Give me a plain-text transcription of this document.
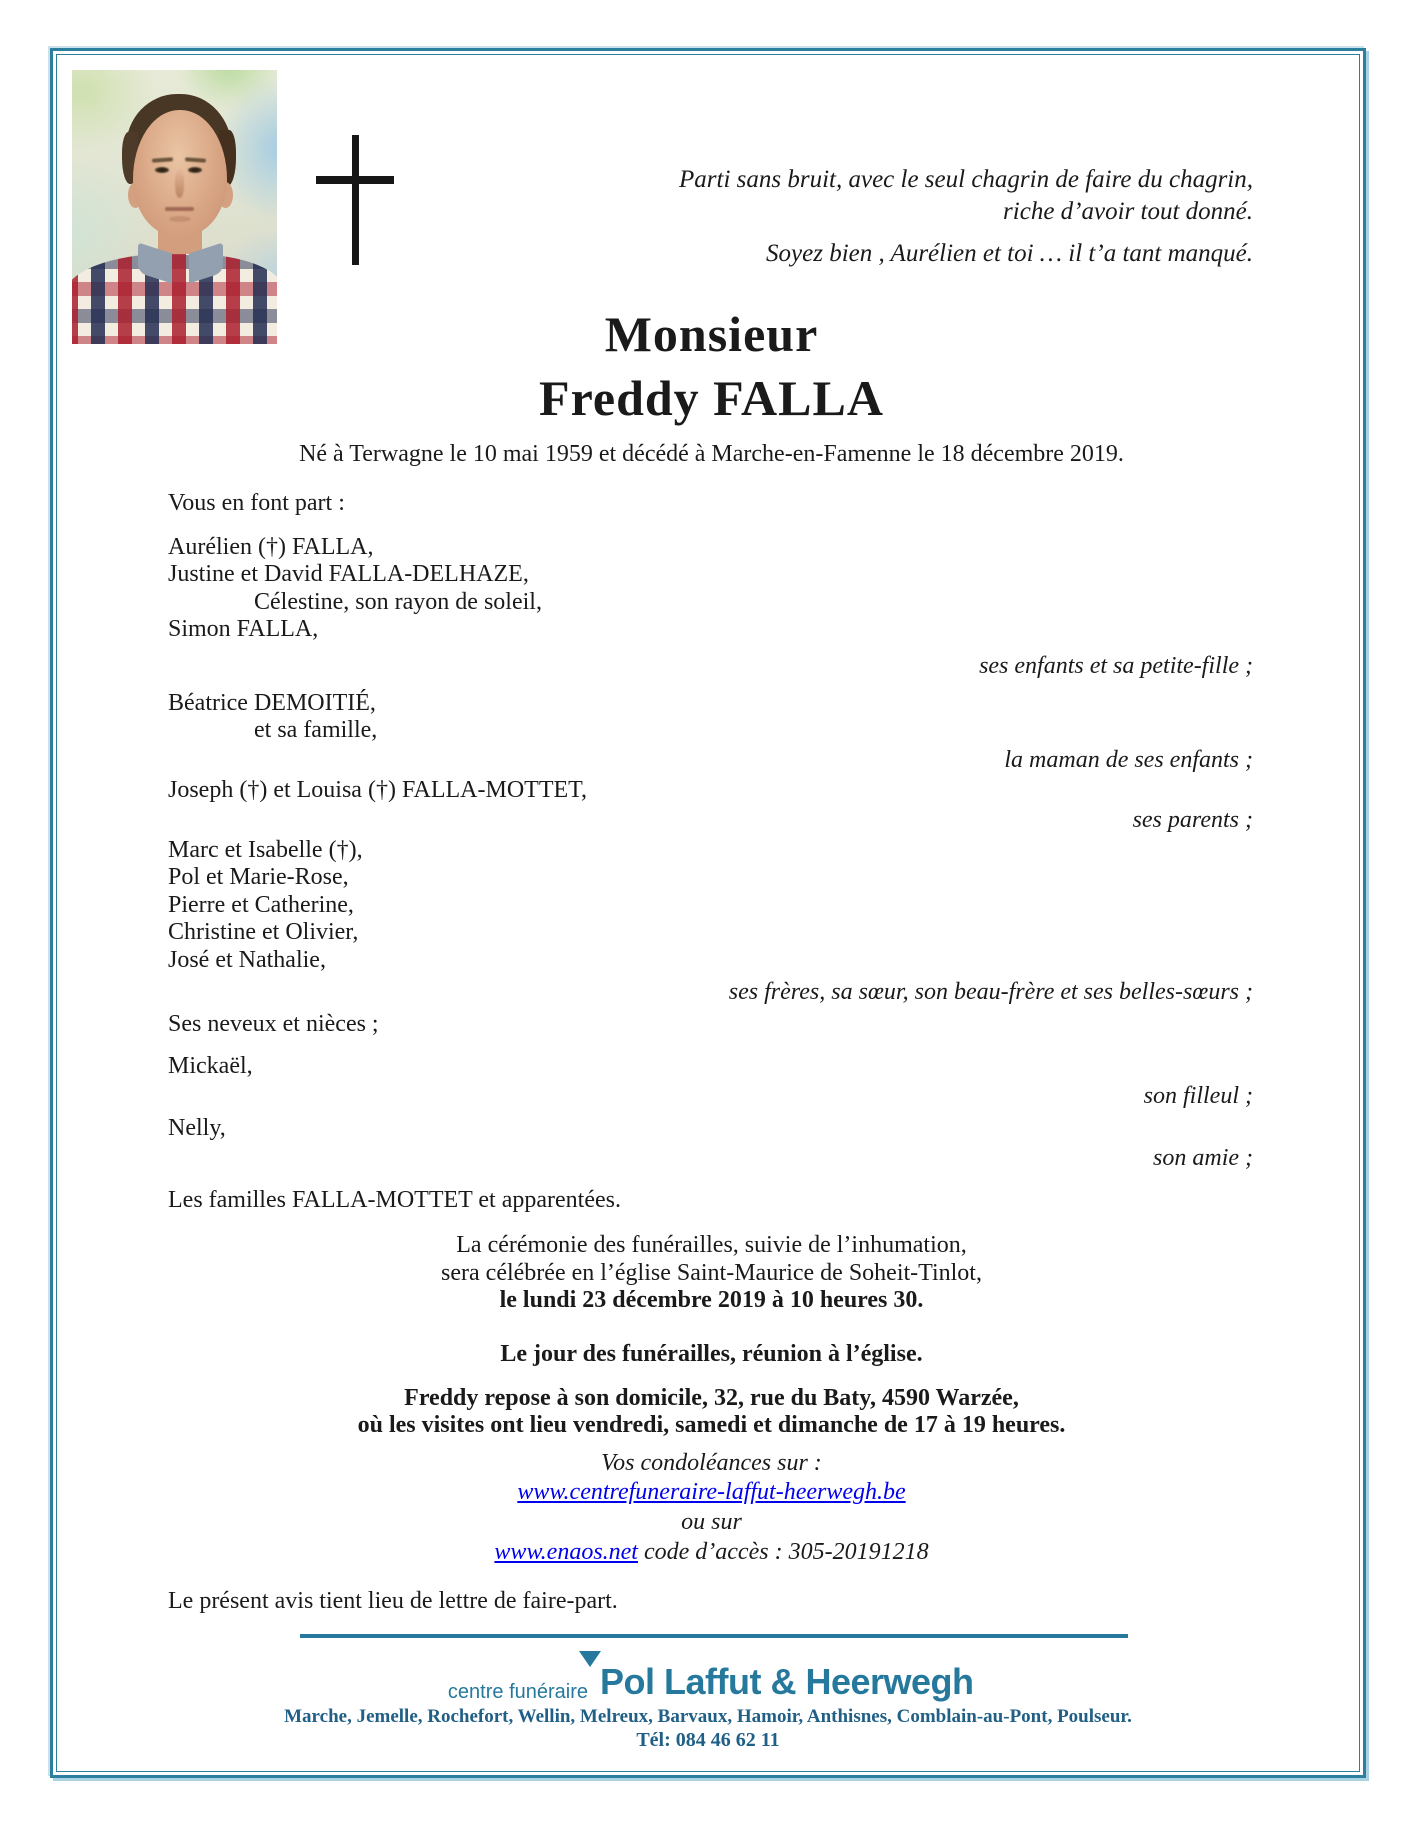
Parti sans bruit, avec le seul chagrin de faire du chagrin,
riche d’avoir tout donné.
Soyez bien , Aurélien et toi … il t’a tant manqué.
Monsieur
Freddy FALLA
Né à Terwagne le 10 mai 1959 et décédé à Marche-en-Famenne le 18 décembre 2019.
Vous en font part :
Aurélien (†) FALLA,
Justine et David FALLA-DELHAZE,
Célestine, son rayon de soleil,
Simon FALLA,
ses enfants et sa petite-fille ;
Béatrice DEMOITIÉ,
et sa famille,
la maman de ses enfants ;
Joseph (†) et Louisa (†) FALLA-MOTTET,
ses parents ;
Marc et Isabelle (†),
Pol et Marie-Rose,
Pierre et Catherine,
Christine et Olivier,
José et Nathalie,
ses frères, sa sœur, son beau-frère et ses belles-sœurs ;
Ses neveux et nièces ;
Mickaël,
son filleul ;
Nelly,
son amie ;
Les familles FALLA-MOTTET et apparentées.
La cérémonie des funérailles, suivie de l’inhumation,
sera célébrée en l’église Saint-Maurice de Soheit-Tinlot,
le lundi 23 décembre 2019 à 10 heures 30.
Le jour des funérailles, réunion à l’église.
Freddy repose à son domicile, 32, rue du Baty, 4590 Warzée,
où les visites ont lieu vendredi, samedi et dimanche de 17 à 19 heures.
Vos condoléances sur :
www.centrefuneraire-laffut-heerwegh.be
ou sur
www.enaos.net code d’accès : 305-20191218
Le présent avis tient lieu de lettre de faire-part.
centre funéraire Pol Laffut & Heerwegh
Marche, Jemelle, Rochefort, Wellin, Melreux, Barvaux, Hamoir, Anthisnes, Comblain-au-Pont, Poulseur.
Tél: 084 46 62 11
